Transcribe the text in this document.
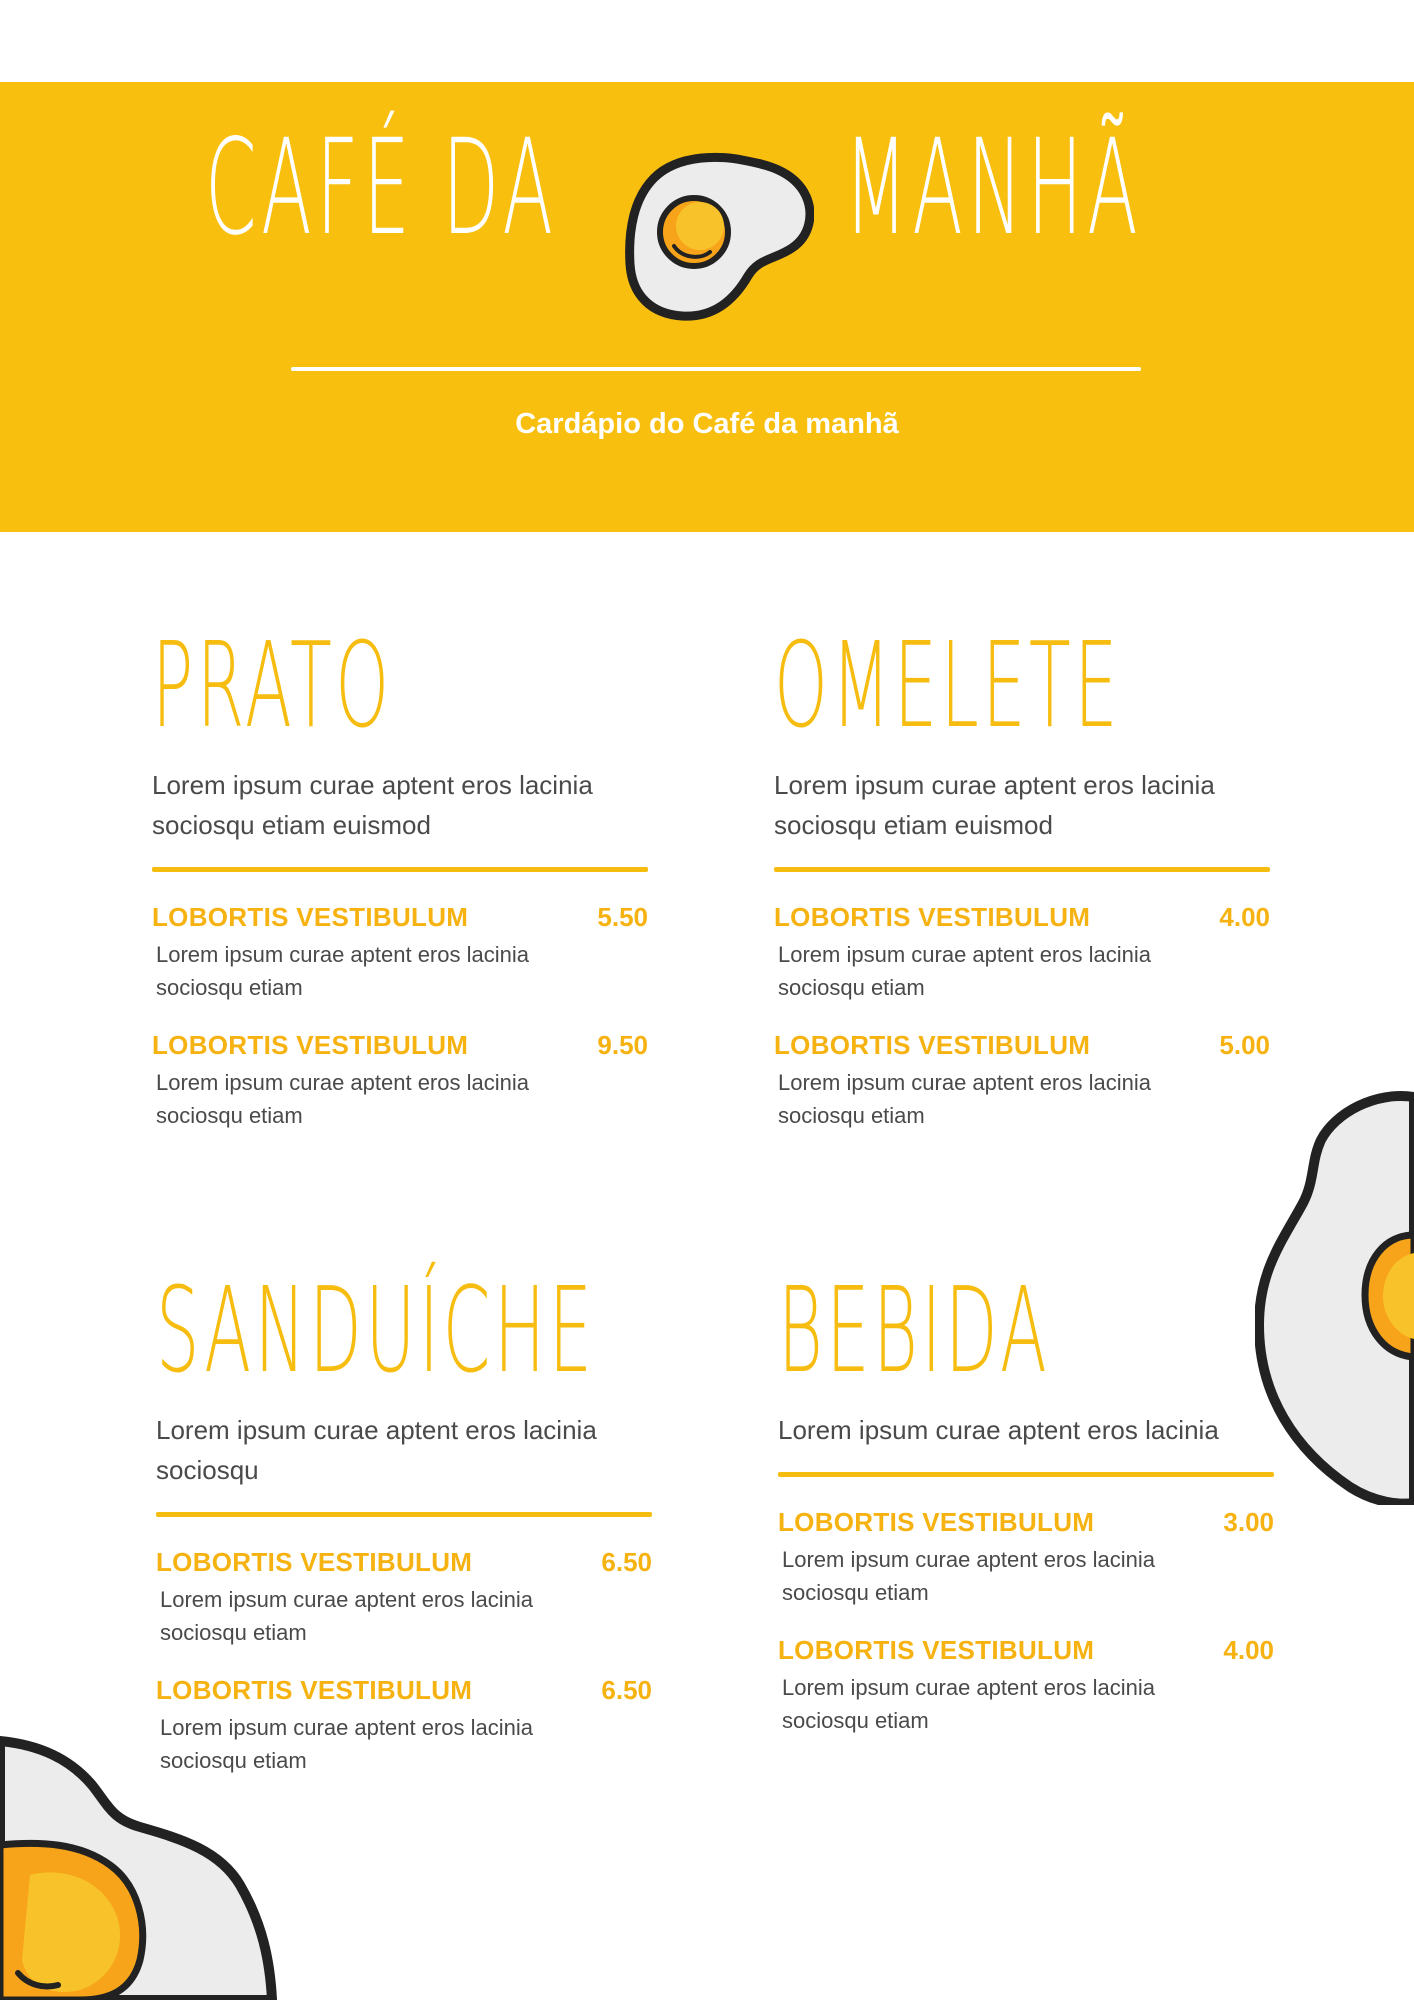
CAFÉ DA MANHÃ
Cardápio do Café da manhã
PRATO
Lorem ipsum curae aptent eros lacinia sociosqu etiam euismod
LOBORTIS VESTIBULUM	5.50
Lorem ipsum curae aptent eros lacinia sociosqu etiam
LOBORTIS VESTIBULUM	9.50
Lorem ipsum curae aptent eros lacinia sociosqu etiam
OMELETE
Lorem ipsum curae aptent eros lacinia sociosqu etiam euismod
LOBORTIS VESTIBULUM	4.00
Lorem ipsum curae aptent eros lacinia sociosqu etiam
LOBORTIS VESTIBULUM	5.00
Lorem ipsum curae aptent eros lacinia sociosqu etiam
SANDUÍCHE
Lorem ipsum curae aptent eros lacinia sociosqu
LOBORTIS VESTIBULUM	6.50
Lorem ipsum curae aptent eros lacinia sociosqu etiam
LOBORTIS VESTIBULUM	6.50
Lorem ipsum curae aptent eros lacinia sociosqu etiam
BEBIDA
Lorem ipsum curae aptent eros lacinia
LOBORTIS VESTIBULUM	3.00
Lorem ipsum curae aptent eros lacinia sociosqu etiam
LOBORTIS VESTIBULUM	4.00
Lorem ipsum curae aptent eros lacinia sociosqu etiam
